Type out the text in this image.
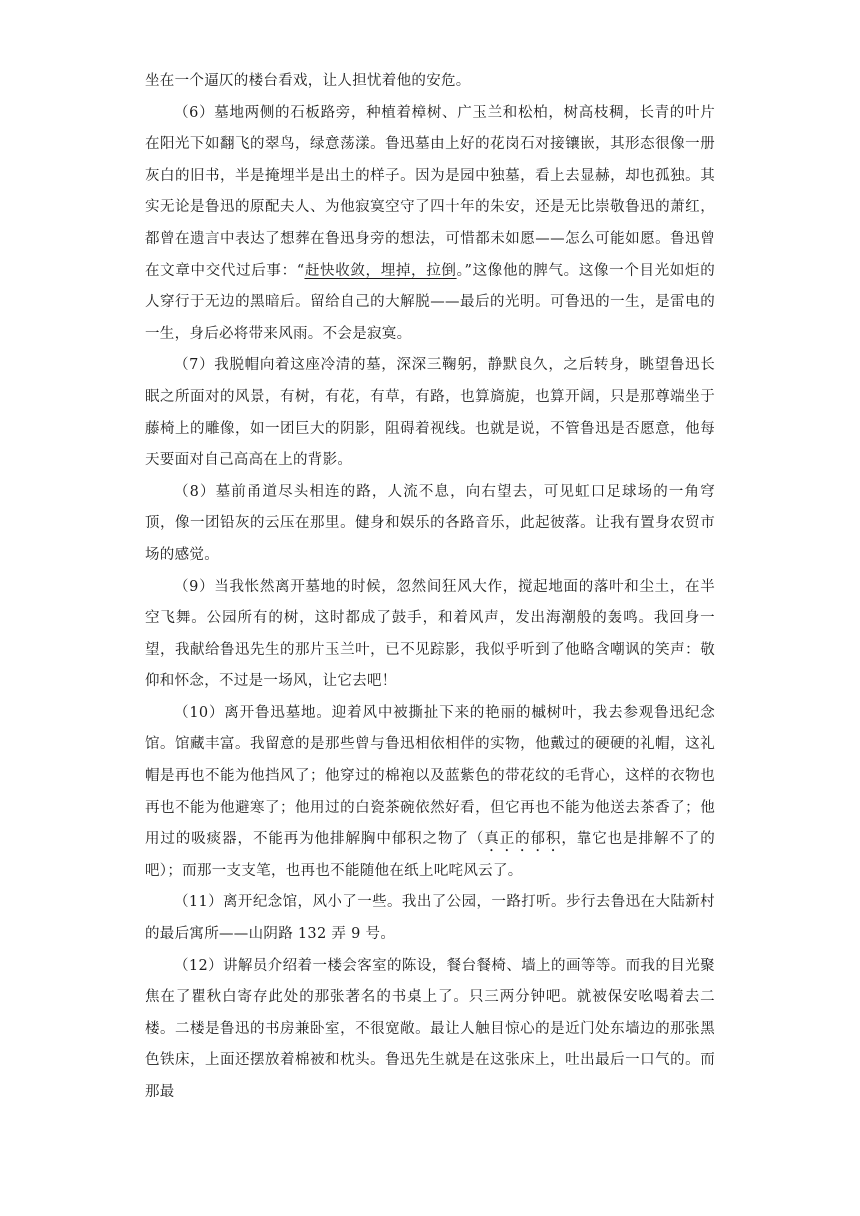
坐在一个逼仄的楼台看戏，让人担忧着他的安危。

（6）墓地两侧的石板路旁，种植着樟树、广玉兰和松柏，树高枝稠，长青的叶片在阳光下如翻飞的翠鸟，绿意荡漾。鲁迅墓由上好的花岗石对接镶嵌，其形态很像一册灰白的旧书，半是掩埋半是出土的样子。因为是园中独墓，看上去显赫，却也孤独。其实无论是鲁迅的原配夫人、为他寂寞空守了四十年的朱安，还是无比崇敬鲁迅的萧红，都曾在遗言中表达了想葬在鲁迅身旁的想法，可惜都未如愿——怎么可能如愿。鲁迅曾在文章中交代过后事：“赶快收敛，埋掉，拉倒。”这像他的脾气。这像一个目光如炬的人穿行于无边的黑暗后。留给自己的大解脱——最后的光明。可鲁迅的一生，是雷电的一生，身后必将带来风雨。不会是寂寞。

（7）我脱帽向着这座冷清的墓，深深三鞠躬，静默良久，之后转身，眺望鲁迅长眠之所面对的风景，有树，有花，有草，有路，也算旖旎，也算开阔，只是那尊端坐于藤椅上的雕像，如一团巨大的阴影，阻碍着视线。也就是说，不管鲁迅是否愿意，他每天要面对自己高高在上的背影。

（8）墓前甬道尽头相连的路，人流不息，向右望去，可见虹口足球场的一角穹顶，像一团铅灰的云压在那里。健身和娱乐的各路音乐，此起彼落。让我有置身农贸市场的感觉。

（9）当我怅然离开墓地的时候，忽然间狂风大作，搅起地面的落叶和尘土，在半空飞舞。公园所有的树，这时都成了鼓手，和着风声，发出海潮般的轰鸣。我回身一望，我献给鲁迅先生的那片玉兰叶，已不见踪影，我似乎听到了他略含嘲讽的笑声：敬仰和怀念，不过是一场风，让它去吧！

（10）离开鲁迅墓地。迎着风中被撕扯下来的艳丽的槭树叶，我去参观鲁迅纪念馆。馆藏丰富。我留意的是那些曾与鲁迅相依相伴的实物，他戴过的硬硬的礼帽，这礼帽是再也不能为他挡风了；他穿过的棉袍以及蓝紫色的带花纹的毛背心，这样的衣物也再也不能为他避寒了；他用过的白瓷茶碗依然好看，但它再也不能为他送去茶香了；他用过的吸痰器，不能再为他排解胸中郁积之物了（真正的郁积，靠它也是排解不了的吧）；而那一支支笔，也再也不能随他在纸上叱咤风云了。

（11）离开纪念馆，风小了一些。我出了公园，一路打听。步行去鲁迅在大陆新村的最后寓所——山阴路 132 弄 9 号。

（12）讲解员介绍着一楼会客室的陈设，餐台餐椅、墙上的画等等。而我的目光聚焦在了瞿秋白寄存此处的那张著名的书桌上了。只三两分钟吧。就被保安吆喝着去二楼。二楼是鲁迅的书房兼卧室，不很宽敞。最让人触目惊心的是近门处东墙边的那张黑色铁床，上面还摆放着棉被和枕头。鲁迅先生就是在这张床上，吐出最后一口气的。而那最
